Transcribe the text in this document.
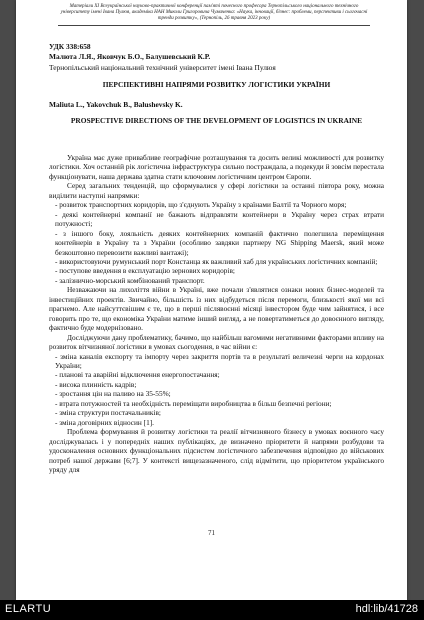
Матеріали XI Всеукраїнської науково-практичної конференції пам'яті почесного професора Тернопільського національного технічного університету імені Івана Пулюя, академіка НАН Миколи Григоровича Чумаченка: «Наука, інновації, бізнес: проблеми, перспективи і сьогочасні тренди розвитку», (Тернопіль, 26 травня 2023 року)
УДК 338:658
Малюта Л.Я., Яковчук Б.О., Балушевський К.Р.
Тернопільський національний технічний університет імені Івана Пулюя
ПЕРСПЕКТИВНІ НАПРЯМИ РОЗВИТКУ ЛОГІСТИКИ УКРАЇНИ
Maliuta L., Yakovchuk B., Balushevsky K.
PROSPECTIVE DIRECTIONS OF THE DEVELOPMENT OF LOGISTICS IN UKRAINE

Україна має дуже привабливе географічне розташування та досить великі можливості для розвитку логістики. Хоч останній рік логістична інфраструктура сильно постраждала, а подекуди й зовсім перестала функціонувати, наша держава здатна стати ключовим логістичним центром Європи.

Серед загальних тенденцій, що сформувалися у сфері логістики за останні півтора року, можна виділити наступні напрямки:

- розвиток транспортних коридорів, що з'єднують Україну з країнами Балтії та Чорного моря;

- деякі контейнерні компанії не бажають відправляти контейнери в Україну через страх втрати потужності;

- з іншого боку, лояльність деяких контейнерних компаній фактично полегшила переміщення контейнерів в Україну та з України (особливо завдяки партнеру NG Shipping Maersk, який може безкоштовно перевозити важливі вантажі);

- використовуючи румунський порт Констанца як важливий хаб для українських логістичних компаній;

- поступове введення в експлуатацію зернових коридорів;

- залізнично-морський комбінований транспорт.

Незважаючи на лихоліття війни в Україні, вже почали з'являтися ознаки нових бізнес-моделей та інвестиційних проектів. Звичайно, більшість із них відбудеться після перемоги, близькості якої ми всі прагнемо. Але найсуттєвішим є те, що в перші післявоєнні місяці інвестором буде чим зайнятися, і все говорить про те, що економіка України матиме інший вигляд, а не повертатиметься до довоєнного вигляду, фактично буде модернізовано.

Досліджуючи дану проблематику, бачимо, що найбільш вагомими негативними факторами впливу на розвиток вітчизняної логістики в умовах сьогодення, в час війни є:

- зміна каналів експорту та імпорту через закриття портів та в результаті величезні черги на кордонах України;

- планові та аварійні відключення енергопостачання;

- висока плинність кадрів;

- зростання цін на паливо на 35-55%;

- втрата потужностей та необхідність переміщати виробництва в більш безпечні регіони;

- зміна структури постачальників;

- зміна договірних відносин [1].

Проблема формування й розвитку логістики та реалії вітчизняного бізнесу в умовах воєнного часу досліджувалась і у попередніх наших публікаціях, де визначено пріоритети й напрями розбудови та удосконалення основних функціональних підсистем логістичного забезпечення відповідно до військових потреб нашої держави [6;7]. У контексті вищезазначеного, слід відмітити, що пріоритетом українського уряду для

71
ELARTU	hdl:lib/41728
